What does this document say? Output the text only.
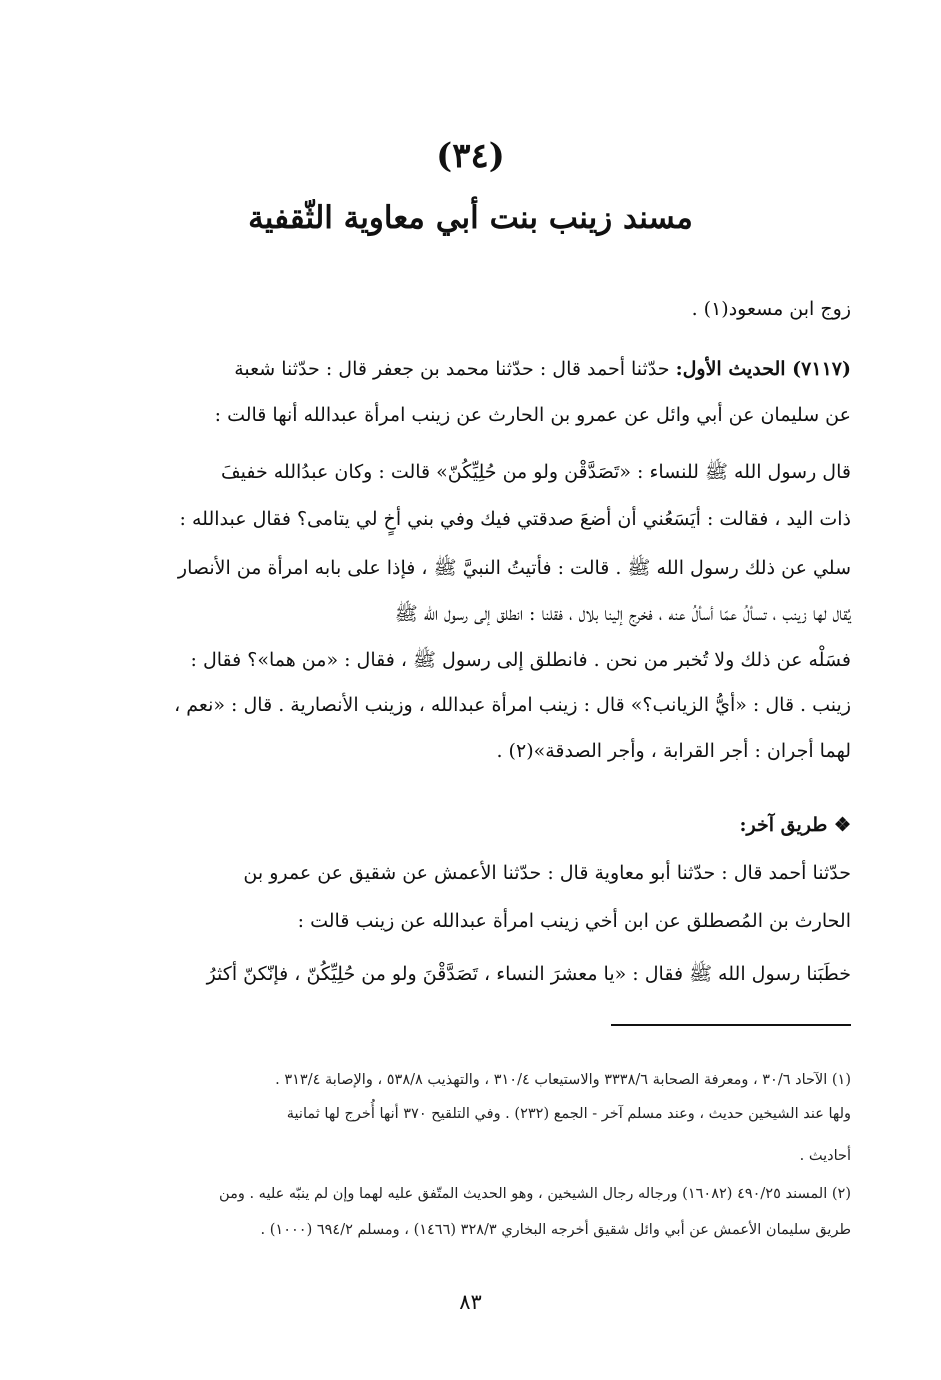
(٣٤)
مسند زينب بنت أبي معاوية الثّقفية
زوج ابن مسعود(١) .
(٧١١٧) الحديث الأول: حدّثنا أحمد قال : حدّثنا محمد بن جعفر قال : حدّثنا شعبة
عن سليمان عن أبي وائل عن عمرو بن الحارث عن زينب امرأة عبدالله أنها قالت :
قال رسول الله ﷺ للنساء : «تَصَدَّقْن ولو من حُلِيِّكُنّ» قالت : وكان عبدُالله خفيفَ
ذات اليد ، فقالت : أيَسَعُني أن أضعَ صدقتي فيك وفي بني أخٍ لي يتامى؟ فقال عبدالله :
سلي عن ذلك رسول الله ﷺ . قالت : فأتيتُ النبيَّ ﷺ ، فإذا على بابه امرأة من الأنصار
يُقال لها زينب ، تسألُ عمّا أسألُ عنه ، فخرج إلينا بلال ، فقلنا : انطلق إلى رسول الله ﷺ
فسَلْه عن ذلك ولا تُخبر من نحن . فانطلق إلى رسول ﷺ ، فقال : «من هما»؟ فقال :
زينب . قال : «أيُّ الزيانب؟» قال : زينب امرأة عبدالله ، وزينب الأنصارية . قال : «نعم ،
لهما أجران : أجر القرابة ، وأجر الصدقة»(٢) .
❖ طريق آخر:
حدّثنا أحمد قال : حدّثنا أبو معاوية قال : حدّثنا الأعمش عن شقيق عن عمرو بن
الحارث بن المُصطلق عن ابن أخي زينب امرأة عبدالله عن زينب قالت :
خطَبَنا رسول الله ﷺ فقال : «يا معشرَ النساء ، تَصَدَّقْنَ ولو من حُلِيِّكُنّ ، فإنّكنّ أكثرُ
(١) الآحاد ٣٠/٦ ، ومعرفة الصحابة ٣٣٣٨/٦ والاستيعاب ٣١٠/٤ ، والتهذيب ٥٣٨/٨ ، والإصابة ٣١٣/٤ .
ولها عند الشيخين حديث ، وعند مسلم آخر - الجمع (٢٣٢) . وفي التلقيح ٣٧٠ أنها أُخرج لها ثمانية
أحاديث .
(٢) المسند ٤٩٠/٢٥ (١٦٠٨٢) ورجاله رجال الشيخين ، وهو الحديث المتّفق عليه لهما وإن لم ينبّه عليه . ومن
طريق سليمان الأعمش عن أبي وائل شقيق أخرجه البخاري ٣٢٨/٣ (١٤٦٦) ، ومسلم ٦٩٤/٢ (١٠٠٠) .
٨٣
